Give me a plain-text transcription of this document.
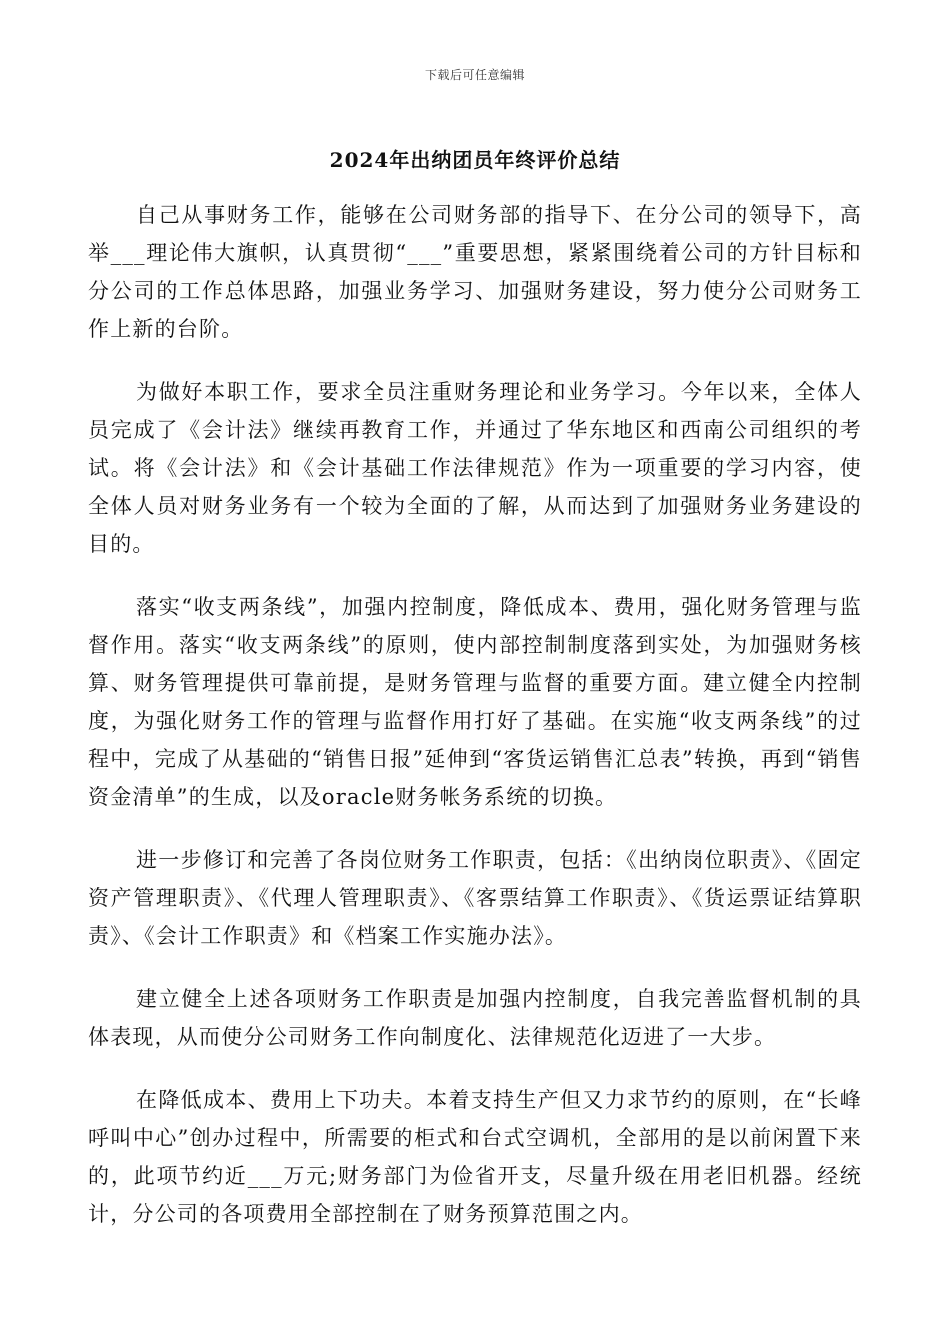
下载后可任意编辑
2024年出纳团员年终评价总结

自己从事财务工作，能够在公司财务部的指导下、在分公司的领导下，高举___理论伟大旗帜，认真贯彻“___”重要思想，紧紧围绕着公司的方针目标和分公司的工作总体思路，加强业务学习、加强财务建设，努力使分公司财务工作上新的台阶。

为做好本职工作，要求全员注重财务理论和业务学习。今年以来，全体人员完成了《会计法》继续再教育工作，并通过了华东地区和西南公司组织的考试。将《会计法》和《会计基础工作法律规范》作为一项重要的学习内容，使全体人员对财务业务有一个较为全面的了解，从而达到了加强财务业务建设的目的。

落实“收支两条线”，加强内控制度，降低成本、费用，强化财务管理与监督作用。落实“收支两条线”的原则，使内部控制制度落到实处，为加强财务核算、财务管理提供可靠前提，是财务管理与监督的重要方面。建立健全内控制度，为强化财务工作的管理与监督作用打好了基础。在实施“收支两条线”的过程中，完成了从基础的“销售日报”延伸到“客货运销售汇总表”转换，再到“销售资金清单”的生成，以及oracle财务帐务系统的切换。

进一步修订和完善了各岗位财务工作职责，包括：《出纳岗位职责》、《固定资产管理职责》、《代理人管理职责》、《客票结算工作职责》、《货运票证结算职责》、《会计工作职责》和《档案工作实施办法》。

建立健全上述各项财务工作职责是加强内控制度，自我完善监督机制的具体表现，从而使分公司财务工作向制度化、法律规范化迈进了一大步。

在降低成本、费用上下功夫。本着支持生产但又力求节约的原则，在“长峰呼叫中心”创办过程中，所需要的柜式和台式空调机，全部用的是以前闲置下来的，此项节约近___万元;财务部门为俭省开支，尽量升级在用老旧机器。经统计，分公司的各项费用全部控制在了财务预算范围之内。
